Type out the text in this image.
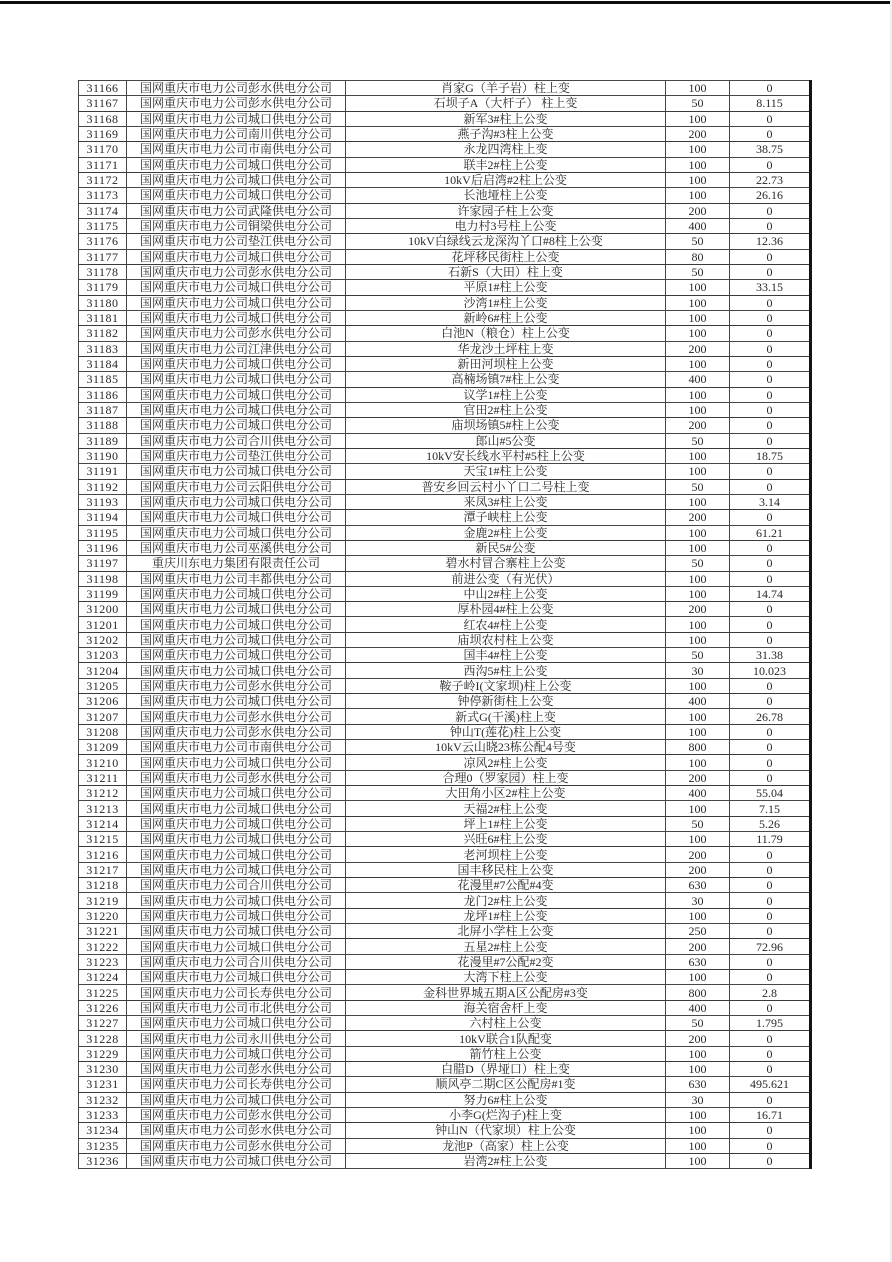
31166	国网重庆市电力公司彭水供电分公司	肖家G（羊子岩）柱上变	100	0
31167	国网重庆市电力公司彭水供电分公司	石坝子A（大杆子） 柱上变	50	8.115
31168	国网重庆市电力公司城口供电分公司	新军3#柱上公变	100	0
31169	国网重庆市电力公司南川供电分公司	燕子沟#3柱上公变	200	0
31170	国网重庆市电力公司市南供电分公司	永龙四湾柱上变	100	38.75
31171	国网重庆市电力公司城口供电分公司	联丰2#柱上公变	100	0
31172	国网重庆市电力公司城口供电分公司	10kV后启湾#2柱上公变	100	22.73
31173	国网重庆市电力公司城口供电分公司	长池垭柱上公变	100	26.16
31174	国网重庆市电力公司武隆供电分公司	许家园子柱上公变	200	0
31175	国网重庆市电力公司铜梁供电分公司	电力村3号柱上公变	400	0
31176	国网重庆市电力公司垫江供电分公司	10kV白绿线云龙深沟丫口#8柱上公变	50	12.36
31177	国网重庆市电力公司城口供电分公司	花坪移民街柱上公变	80	0
31178	国网重庆市电力公司彭水供电分公司	石新S（大田）柱上变	50	0
31179	国网重庆市电力公司城口供电分公司	平原1#柱上公变	100	33.15
31180	国网重庆市电力公司城口供电分公司	沙湾1#柱上公变	100	0
31181	国网重庆市电力公司城口供电分公司	新岭6#柱上公变	100	0
31182	国网重庆市电力公司彭水供电分公司	白池N（粮仓）柱上公变	100	0
31183	国网重庆市电力公司江津供电分公司	华龙沙土坪柱上变	200	0
31184	国网重庆市电力公司城口供电分公司	新田河坝柱上公变	100	0
31185	国网重庆市电力公司城口供电分公司	高楠场镇7#柱上公变	400	0
31186	国网重庆市电力公司城口供电分公司	议学1#柱上公变	100	0
31187	国网重庆市电力公司城口供电分公司	官田2#柱上公变	100	0
31188	国网重庆市电力公司城口供电分公司	庙坝场镇5#柱上公变	200	0
31189	国网重庆市电力公司合川供电分公司	郎山#5公变	50	0
31190	国网重庆市电力公司垫江供电分公司	10kV安长线水平村#5柱上公变	100	18.75
31191	国网重庆市电力公司城口供电分公司	天宝1#柱上公变	100	0
31192	国网重庆市电力公司云阳供电分公司	普安乡回云村小丫口二号柱上变	50	0
31193	国网重庆市电力公司城口供电分公司	来凤3#柱上公变	100	3.14
31194	国网重庆市电力公司城口供电分公司	潭子峡柱上公变	200	0
31195	国网重庆市电力公司城口供电分公司	金鹿2#柱上公变	100	61.21
31196	国网重庆市电力公司巫溪供电分公司	新民5#公变	100	0
31197	重庆川东电力集团有限责任公司	碧水村冒合寨柱上公变	50	0
31198	国网重庆市电力公司丰都供电分公司	前进公变（有光伏）	100	0
31199	国网重庆市电力公司城口供电分公司	中山2#柱上公变	100	14.74
31200	国网重庆市电力公司城口供电分公司	厚朴园4#柱上公变	200	0
31201	国网重庆市电力公司城口供电分公司	红农4#柱上公变	100	0
31202	国网重庆市电力公司城口供电分公司	庙坝农村柱上公变	100	0
31203	国网重庆市电力公司城口供电分公司	国丰4#柱上公变	50	31.38
31204	国网重庆市电力公司城口供电分公司	西沟5#柱上公变	30	10.023
31205	国网重庆市电力公司彭水供电分公司	鞍子岭I(文家坝)柱上公变	100	0
31206	国网重庆市电力公司城口供电分公司	钟停新街柱上公变	400	0
31207	国网重庆市电力公司彭水供电分公司	新式G(干溪)柱上变	100	26.78
31208	国网重庆市电力公司彭水供电分公司	钟山T(莲花)柱上公变	100	0
31209	国网重庆市电力公司市南供电分公司	10kV云山晓23栋公配4号变	800	0
31210	国网重庆市电力公司城口供电分公司	凉风2#柱上公变	100	0
31211	国网重庆市电力公司彭水供电分公司	合理0（罗家园）柱上变	200	0
31212	国网重庆市电力公司城口供电分公司	大田角小区2#柱上公变	400	55.04
31213	国网重庆市电力公司城口供电分公司	天福2#柱上公变	100	7.15
31214	国网重庆市电力公司城口供电分公司	坪上1#柱上公变	50	5.26
31215	国网重庆市电力公司城口供电分公司	兴旺6#柱上公变	100	11.79
31216	国网重庆市电力公司城口供电分公司	老河坝柱上公变	200	0
31217	国网重庆市电力公司城口供电分公司	国丰移民柱上公变	200	0
31218	国网重庆市电力公司合川供电分公司	花漫里#7公配#4变	630	0
31219	国网重庆市电力公司城口供电分公司	龙门2#柱上公变	30	0
31220	国网重庆市电力公司城口供电分公司	龙坪1#柱上公变	100	0
31221	国网重庆市电力公司城口供电分公司	北屏小学柱上公变	250	0
31222	国网重庆市电力公司城口供电分公司	五星2#柱上公变	200	72.96
31223	国网重庆市电力公司合川供电分公司	花漫里#7公配#2变	630	0
31224	国网重庆市电力公司城口供电分公司	大湾下柱上公变	100	0
31225	国网重庆市电力公司长寿供电分公司	金科世界城五期A区公配房#3变	800	2.8
31226	国网重庆市电力公司市北供电分公司	海关宿舍杆上变	400	0
31227	国网重庆市电力公司城口供电分公司	六村柱上公变	50	1.795
31228	国网重庆市电力公司永川供电分公司	10kV联合1队配变	200	0
31229	国网重庆市电力公司城口供电分公司	箭竹柱上公变	100	0
31230	国网重庆市电力公司彭水供电分公司	白腊D（界垭口）柱上变	100	0
31231	国网重庆市电力公司长寿供电分公司	顺风亭二期C区公配房#1变	630	495.621
31232	国网重庆市电力公司城口供电分公司	努力6#柱上公变	30	0
31233	国网重庆市电力公司彭水供电分公司	小李G(烂沟子)柱上变	100	16.71
31234	国网重庆市电力公司彭水供电分公司	钟山N（代家坝）柱上公变	100	0
31235	国网重庆市电力公司彭水供电分公司	龙池P（高家）柱上公变	100	0
31236	国网重庆市电力公司城口供电分公司	岩湾2#柱上公变	100	0
